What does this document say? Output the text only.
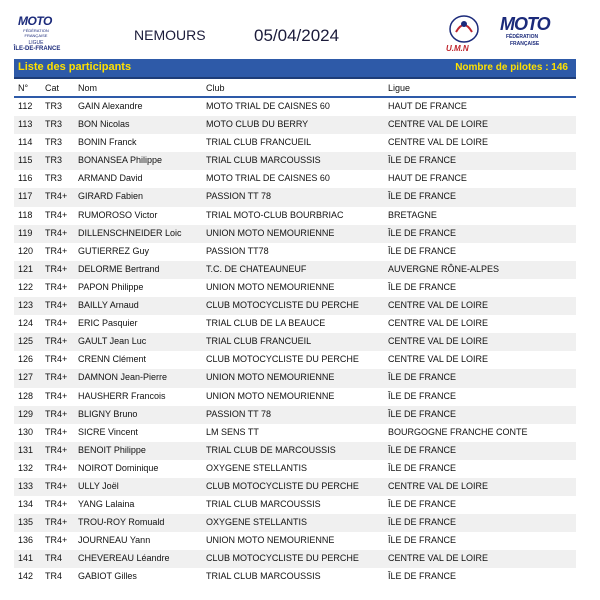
MOTO
FÉDÉRATION FRANÇAISE
LIGUE
ÎLE-DE-FRANCE
NEMOURS	05/04/2024
U.M.N
MOTO
FÉDÉRATION
FRANÇAISE
Liste des participants	Nombre de pilotes : 146
N° Cat Nom	Club	Ligue
112 TR3 GAIN Alexandre	MOTO TRIAL DE CAISNES 60	HAUT DE FRANCE
113 TR3 BON Nicolas	MOTO CLUB DU BERRY	CENTRE VAL DE LOIRE
114 TR3 BONIN Franck	TRIAL CLUB FRANCUEIL	CENTRE VAL DE LOIRE
115 TR3 BONANSEA Philippe	TRIAL CLUB MARCOUSSIS	ÎLE DE FRANCE
116 TR3 ARMAND David	MOTO TRIAL DE CAISNES 60	HAUT DE FRANCE
117 TR4+ GIRARD Fabien	PASSION TT 78	ÎLE DE FRANCE
118 TR4+ RUMOROSO Victor	TRIAL MOTO-CLUB BOURBRIAC	BRETAGNE
119 TR4+ DILLENSCHNEIDER Loic	UNION MOTO NEMOURIENNE	ÎLE DE FRANCE
120 TR4+ GUTIERREZ Guy	PASSION TT78	ÎLE DE FRANCE
121 TR4+ DELORME Bertrand	T.C. DE CHATEAUNEUF	AUVERGNE RÔNE-ALPES
122 TR4+ PAPON Philippe	UNION MOTO NEMOURIENNE	ÎLE DE FRANCE
123 TR4+ BAILLY Arnaud	CLUB MOTOCYCLISTE DU PERCHE	CENTRE VAL DE LOIRE
124 TR4+ ERIC Pasquier	TRIAL CLUB DE LA BEAUCE	CENTRE VAL DE LOIRE
125 TR4+ GAULT Jean Luc	TRIAL CLUB FRANCUEIL	CENTRE VAL DE LOIRE
126 TR4+ CRENN Clément	CLUB MOTOCYCLISTE DU PERCHE	CENTRE VAL DE LOIRE
127 TR4+ DAMNON Jean-Pierre	UNION MOTO NEMOURIENNE	ÎLE DE FRANCE
128 TR4+ HAUSHERR Francois	UNION MOTO NEMOURIENNE	ÎLE DE FRANCE
129 TR4+ BLIGNY Bruno	PASSION TT 78	ÎLE DE FRANCE
130 TR4+ SICRE Vincent	LM SENS TT	BOURGOGNE FRANCHE CONTE
131 TR4+ BENOIT Philippe	TRIAL CLUB DE MARCOUSSIS	ÎLE DE FRANCE
132 TR4+ NOIROT Dominique	OXYGENE STELLANTIS	ÎLE DE FRANCE
133 TR4+ ULLY Joël	CLUB MOTOCYCLISTE DU PERCHE	CENTRE VAL DE LOIRE
134 TR4+ YANG Lalaina	TRIAL CLUB MARCOUSSIS	ÎLE DE FRANCE
135 TR4+ TROU-ROY Romuald	OXYGENE STELLANTIS	ÎLE DE FRANCE
136 TR4+ JOURNEAU Yann	UNION MOTO NEMOURIENNE	ÎLE DE FRANCE
141 TR4 CHEVEREAU Léandre	CLUB MOTOCYCLISTE DU PERCHE	CENTRE VAL DE LOIRE
142 TR4 GABIOT Gilles	TRIAL CLUB MARCOUSSIS	ÎLE DE FRANCE
